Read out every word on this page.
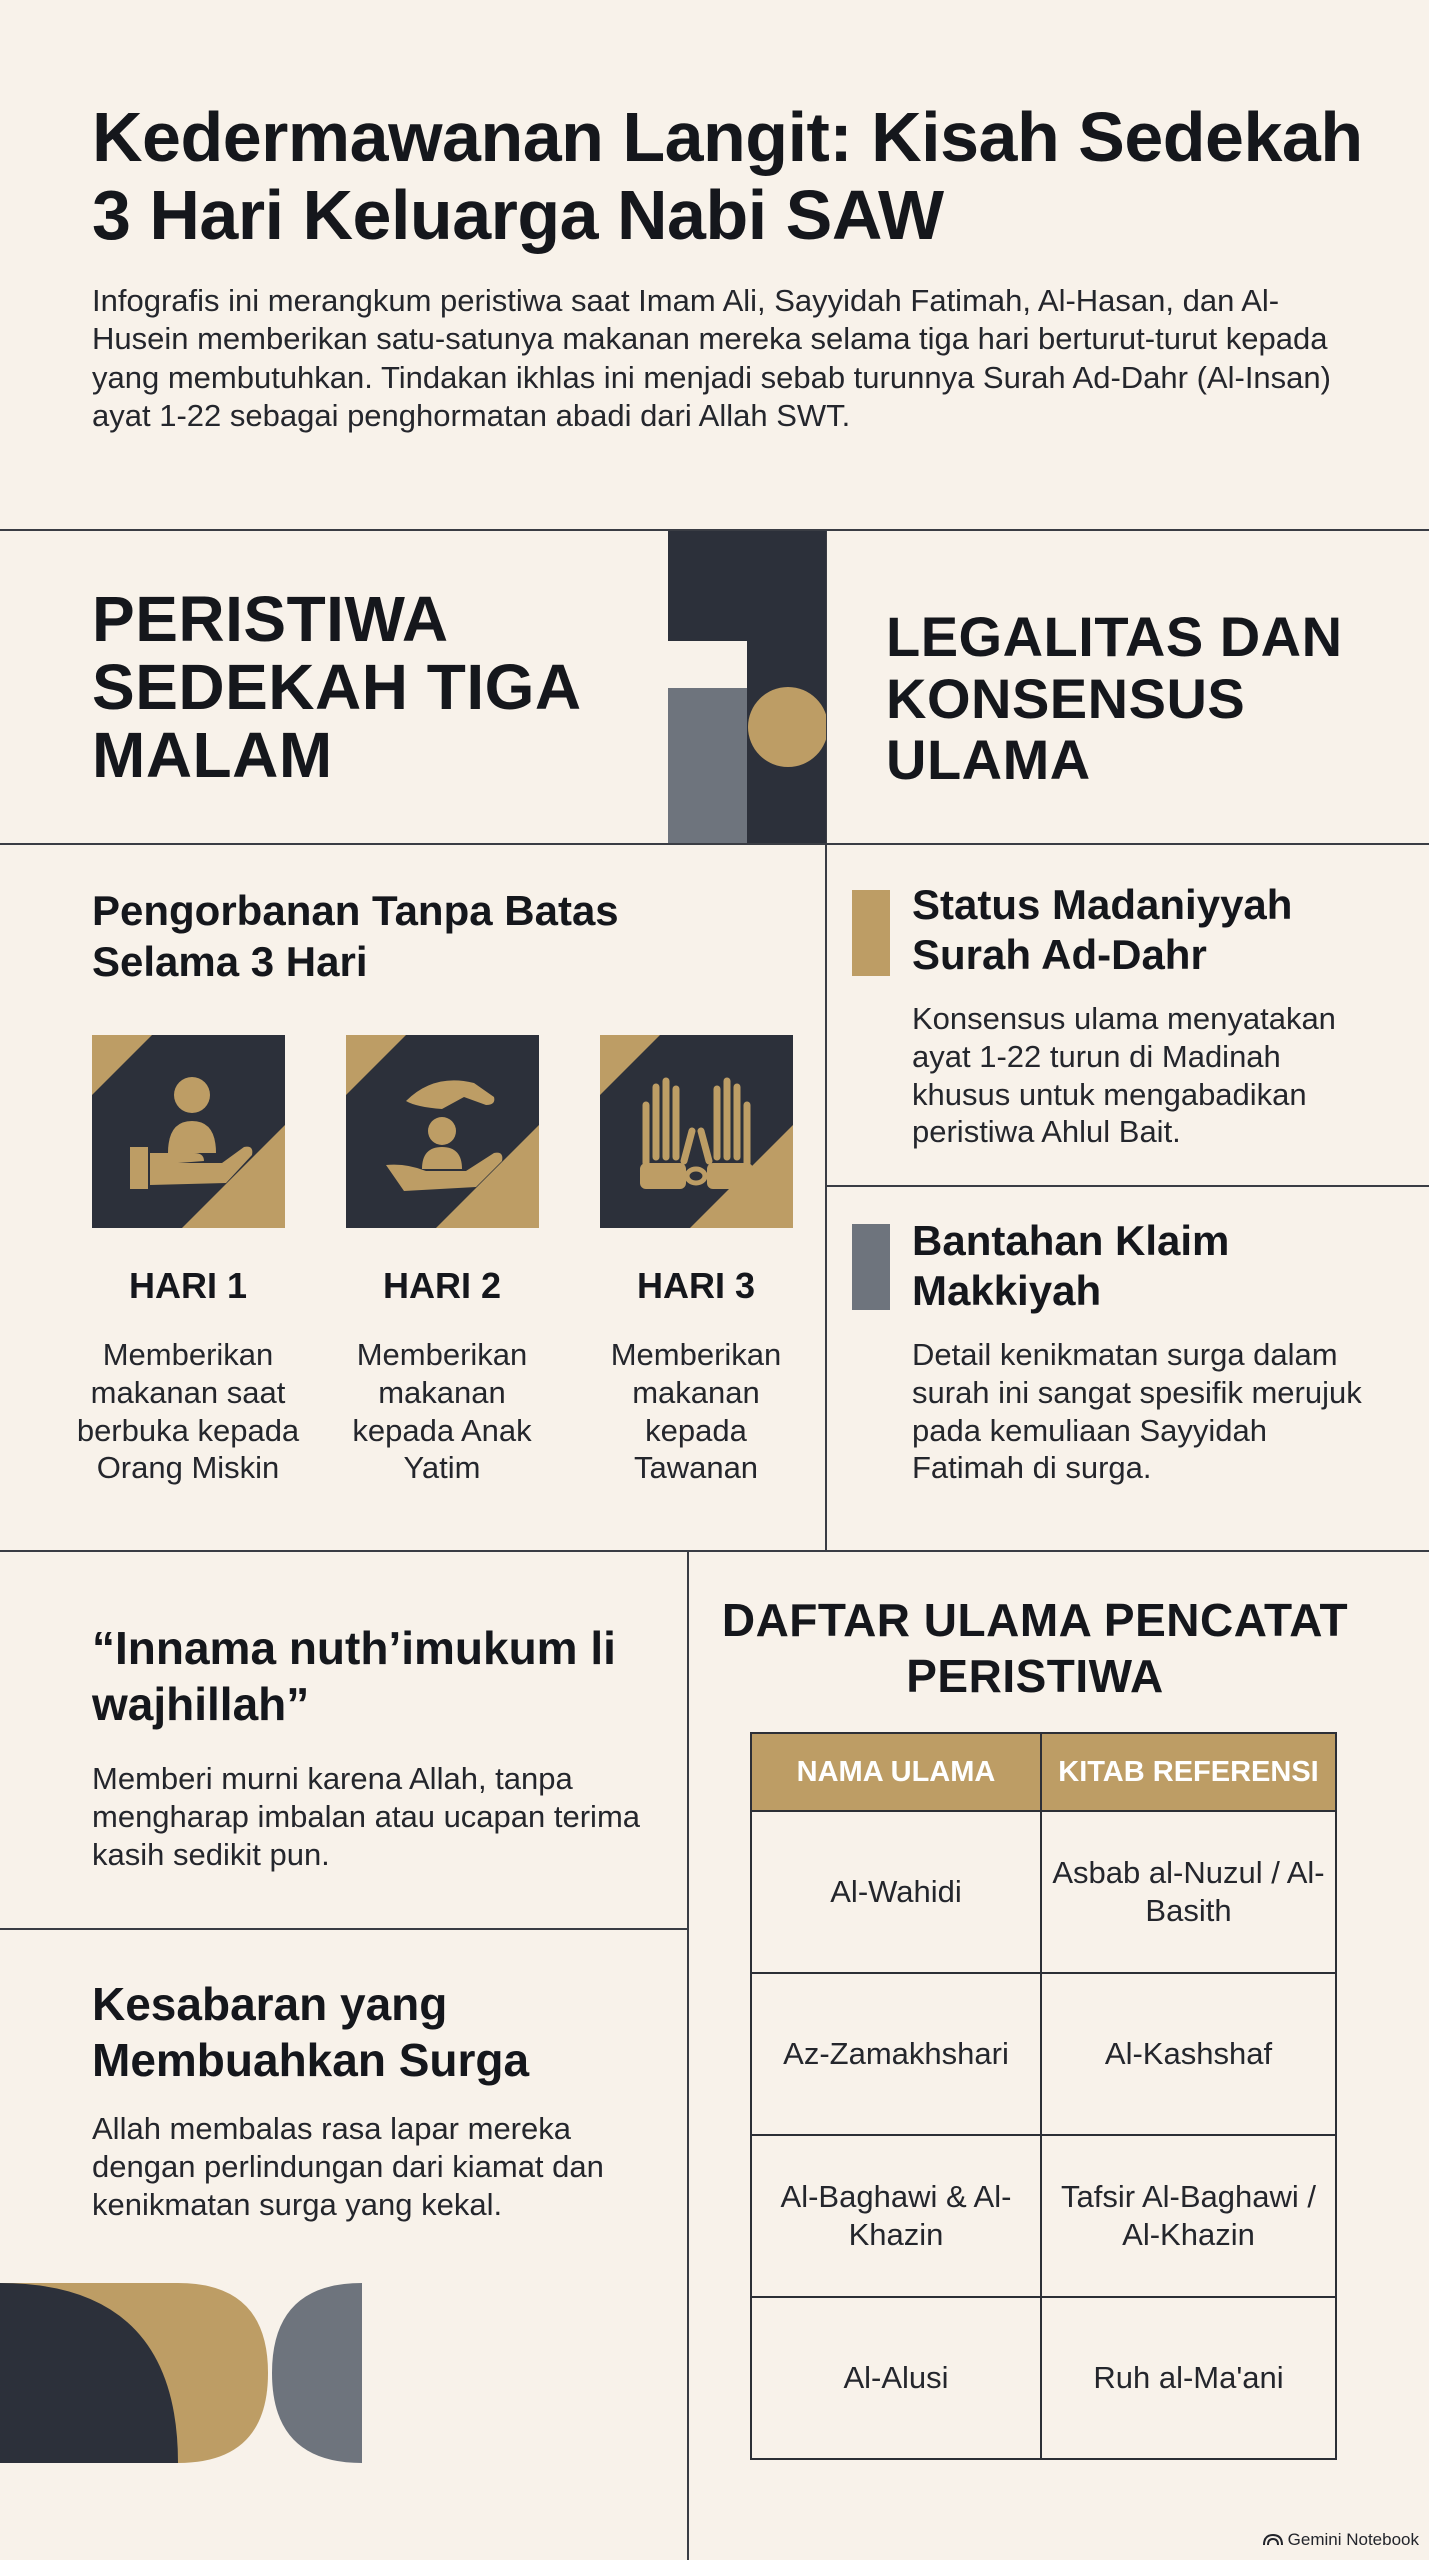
Kedermawanan Langit: Kisah Sedekah 3 Hari Keluarga Nabi SAW

Infografis ini merangkum peristiwa saat Imam Ali, Sayyidah Fatimah, Al-Hasan, dan Al-Husein memberikan satu-satunya makanan mereka selama tiga hari berturut-turut kepada yang membutuhkan. Tindakan ikhlas ini menjadi sebab turunnya Surah Ad-Dahr (Al-Insan) ayat 1-22 sebagai penghormatan abadi dari Allah SWT.

PERISTIWA SEDEKAH TIGA MALAM
LEGALITAS DAN KONSENSUS ULAMA
Pengorbanan Tanpa Batas Selama 3 Hari
HARI 1	HARI 2	HARI 3
Memberikan makanan saat berbuka kepada Orang Miskin
Memberikan makanan kepada Anak Yatim
Memberikan makanan kepada Tawanan
Status Madaniyyah Surah Ad-Dahr

Konsensus ulama menyatakan ayat 1-22 turun di Madinah khusus untuk mengabadikan peristiwa Ahlul Bait.

Bantahan Klaim Makkiyah

Detail kenikmatan surga dalam surah ini sangat spesifik merujuk pada kemuliaan Sayyidah Fatimah di surga.

“Innama nuth’imukum li wajhillah”

Memberi murni karena Allah, tanpa mengharap imbalan atau ucapan terima kasih sedikit pun.

Kesabaran yang Membuahkan Surga

Allah membalas rasa lapar mereka dengan perlindungan dari kiamat dan kenikmatan surga yang kekal.

DAFTAR ULAMA PENCATAT PERISTIWA
NAMA ULAMA	KITAB REFERENSI
Al-Wahidi	Asbab al-Nuzul / Al-Basith
Az-Zamakhshari	Al-Kashshaf
Al-Baghawi & Al-Khazin	Tafsir Al-Baghawi / Al-Khazin
Al-Alusi	Ruh al-Ma'ani
Gemini Notebook
